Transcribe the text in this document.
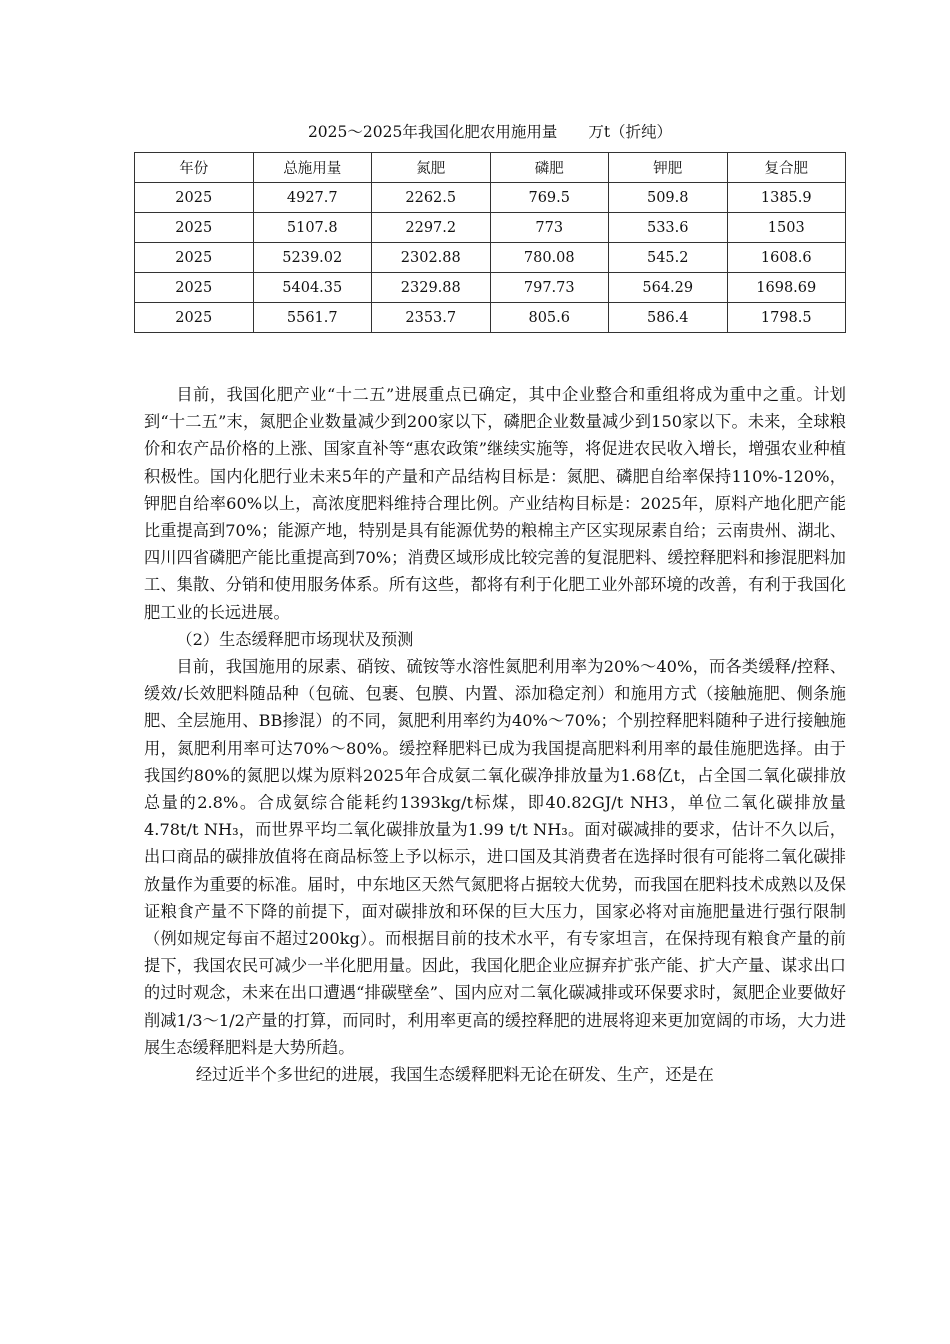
2025～2025年我国化肥农用施用量　　万t（折纯）
年份	总施用量	氮肥	磷肥	钾肥	复合肥
2025	4927.7	2262.5	769.5	509.8	1385.9
2025	5107.8	2297.2	773	533.6	1503
2025	5239.02	2302.88	780.08	545.2	1608.6
2025	5404.35	2329.88	797.73	564.29	1698.69
2025	5561.7	2353.7	805.6	586.4	1798.5

目前，我国化肥产业“十二五”进展重点已确定，其中企业整合和重组将成为重中之重。计划到“十二五”末，氮肥企业数量减少到200家以下，磷肥企业数量减少到150家以下。未来，全球粮价和农产品价格的上涨、国家直补等“惠农政策”继续实施等，将促进农民收入增长，增强农业种植积极性。国内化肥行业未来5年的产量和产品结构目标是：氮肥、磷肥自给率保持110%-120%，钾肥自给率60%以上，高浓度肥料维持合理比例。产业结构目标是：2025年，原料产地化肥产能比重提高到70%；能源产地，特别是具有能源优势的粮棉主产区实现尿素自给；云南贵州、湖北、四川四省磷肥产能比重提高到70%；消费区域形成比较完善的复混肥料、缓控释肥料和掺混肥料加工、集散、分销和使用服务体系。所有这些，都将有利于化肥工业外部环境的改善，有利于我国化肥工业的长远进展。

（2）生态缓释肥市场现状及预测

目前，我国施用的尿素、硝铵、硫铵等水溶性氮肥利用率为20%～40%，而各类缓释/控释、缓效/长效肥料随品种（包硫、包裹、包膜、内置、添加稳定剂）和施用方式（接触施肥、侧条施肥、全层施用、BB掺混）的不同，氮肥利用率约为40%～70%；个别控释肥料随种子进行接触施用，氮肥利用率可达70%～80%。缓控释肥料已成为我国提高肥料利用率的最佳施肥选择。由于我国约80%的氮肥以煤为原料2025年合成氨二氧化碳净排放量为1.68亿t，占全国二氧化碳排放总量的2.8%。合成氨综合能耗约1393kg/t标煤，即40.82GJ/t NH3，单位二氧化碳排放量4.78t/t NH₃，而世界平均二氧化碳排放量为1.99 t/t NH₃。面对碳减排的要求，估计不久以后，出口商品的碳排放值将在商品标签上予以标示，进口国及其消费者在选择时很有可能将二氧化碳排放量作为重要的标准。届时，中东地区天然气氮肥将占据较大优势，而我国在肥料技术成熟以及保证粮食产量不下降的前提下，面对碳排放和环保的巨大压力，国家必将对亩施肥量进行强行限制（例如规定每亩不超过200kg）。而根据目前的技术水平，有专家坦言，在保持现有粮食产量的前提下，我国农民可减少一半化肥用量。因此，我国化肥企业应摒弃扩张产能、扩大产量、谋求出口的过时观念，未来在出口遭遇“排碳壁垒”、国内应对二氧化碳减排或环保要求时，氮肥企业要做好削减1/3～1/2产量的打算，而同时，利用率更高的缓控释肥的进展将迎来更加宽阔的市场，大力进展生态缓释肥料是大势所趋。

经过近半个多世纪的进展，我国生态缓释肥料无论在研发、生产，还是在
